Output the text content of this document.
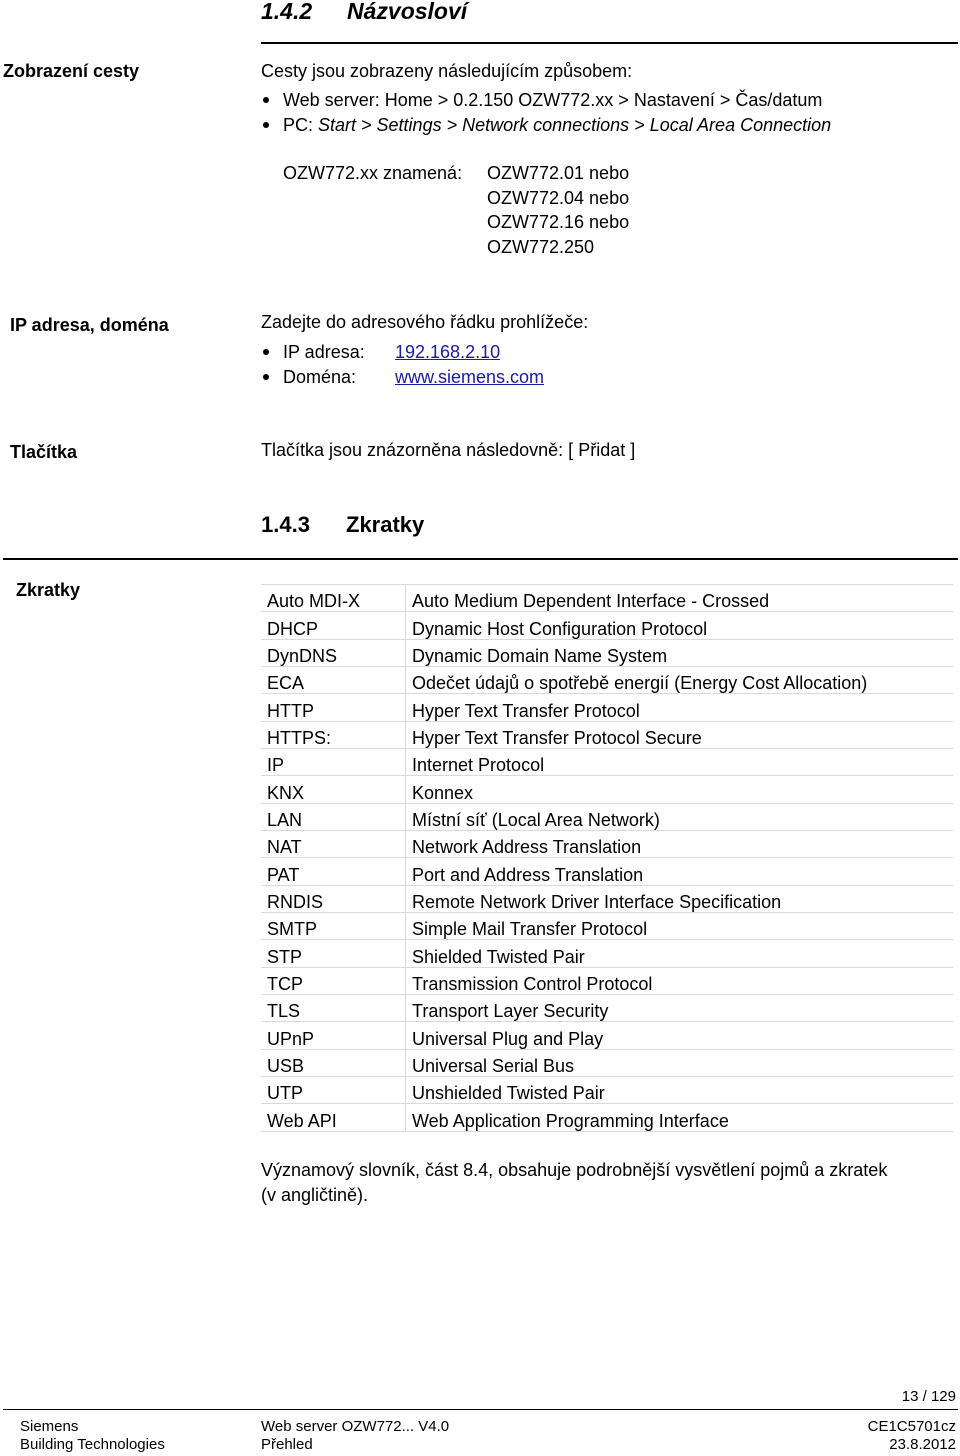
1.4.2 Názvosloví
Zobrazení cesty	Cesty jsou zobrazeny následujícím způsobem:
Web server: Home > 0.2.150 OZW772.xx > Nastavení > Čas/datum
PC: Start > Settings > Network connections > Local Area Connection
OZW772.xx znamená: OZW772.01 nebo
OZW772.04 nebo
OZW772.16 nebo
OZW772.250
IP adresa, doména	Zadejte do adresového řádku prohlížeče:
IP adresa: 192.168.2.10
Doména: www.siemens.com
Tlačítka	Tlačítka jsou znázorněna následovně: [ Přidat ]
1.4.3 Zkratky
Zkratky
Auto MDI-X	Auto Medium Dependent Interface - Crossed
DHCP	Dynamic Host Configuration Protocol
DynDNS	Dynamic Domain Name System
ECA	Odečet údajů o spotřebě energií (Energy Cost Allocation)
HTTP	Hyper Text Transfer Protocol
HTTPS:	Hyper Text Transfer Protocol Secure
IP	Internet Protocol
KNX	Konnex
LAN	Místní síť (Local Area Network)
NAT	Network Address Translation
PAT	Port and Address Translation
RNDIS	Remote Network Driver Interface Specification
SMTP	Simple Mail Transfer Protocol
STP	Shielded Twisted Pair
TCP	Transmission Control Protocol
TLS	Transport Layer Security
UPnP	Universal Plug and Play
USB	Universal Serial Bus
UTP	Unshielded Twisted Pair
Web API	Web Application Programming Interface
Významový slovník, část 8.4, obsahuje podrobnější vysvětlení pojmů a zkratek
(v angličtině).
13 / 129
Siemens
Building Technologies
Web server OZW772... V4.0
Přehled
CE1C5701cz
23.8.2012
